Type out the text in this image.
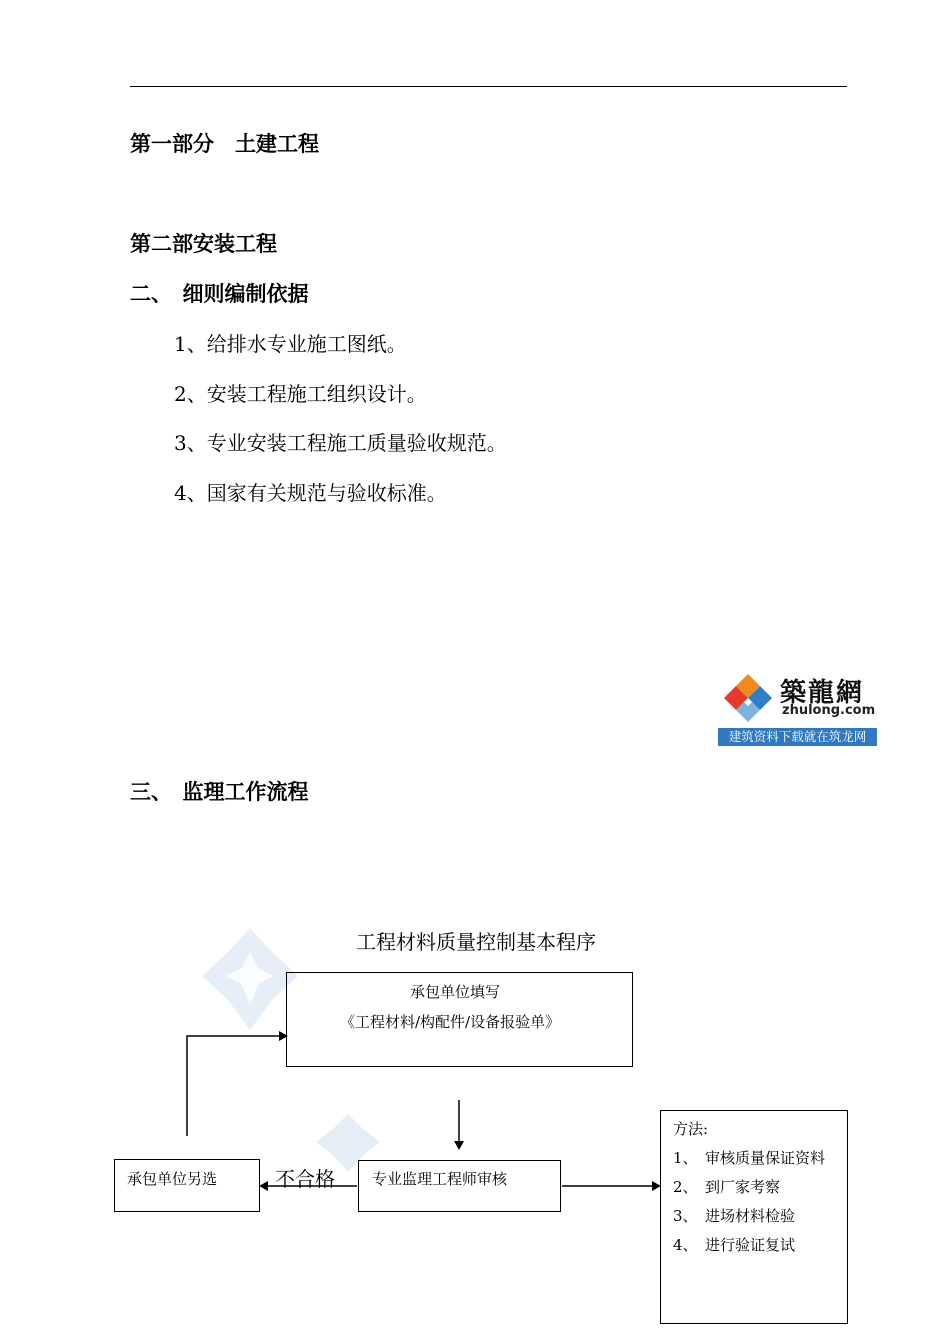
第一部分　土建工程
第二部安装工程
二、　细则编制依据
1、给排水专业施工图纸。
2、安装工程施工组织设计。
3、专业安装工程施工质量验收规范。
4、国家有关规范与验收标准。
築龍網
zhulong.com
建筑资料下载就在筑龙网
三、　监理工作流程
工程材料质量控制基本程序
承包单位填写
《工程材料/构配件/设备报验单》
承包单位另选	专业监理工程师审核
不合格
方法:
1、　审核质量保证资料
2、　到厂家考察
3、　进场材料检验
4、　进行验证复试
